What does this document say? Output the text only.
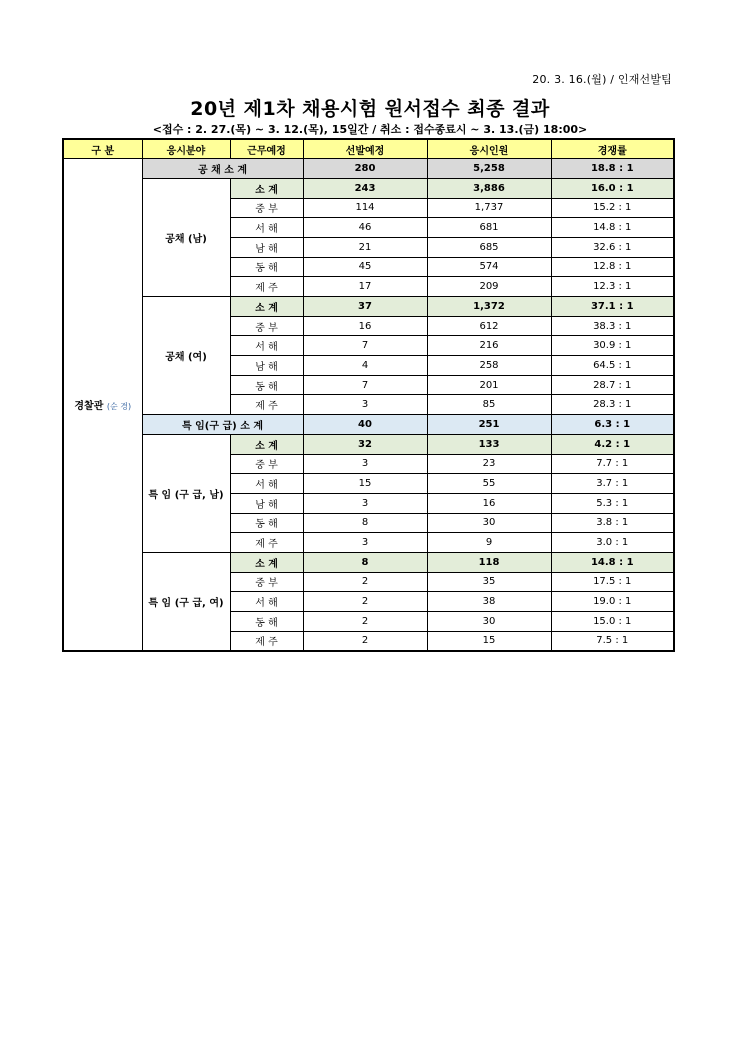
20. 3. 16.(월) / 인재선발팀
20년 제1차 채용시험 원서접수 최종 결과
<접수 : 2. 27.(목) ~ 3. 12.(목), 15일간 / 취소 : 접수종료시 ~ 3. 13.(금) 18:00>
구 분	응시분야	근무예정	선발예정	응시인원	경쟁률
경찰관 (순 경)	공 채 소 계		280	5,258	18.8 : 1
	공채 (남)	소 계	243	3,886	16.0 : 1
		중 부	114	1,737	15.2 : 1
		서 해	46	681	14.8 : 1
		남 해	21	685	32.6 : 1
		동 해	45	574	12.8 : 1
		제 주	17	209	12.3 : 1
	공채 (여)	소 계	37	1,372	37.1 : 1
		중 부	16	612	38.3 : 1
		서 해	7	216	30.9 : 1
		남 해	4	258	64.5 : 1
		동 해	7	201	28.7 : 1
		제 주	3	85	28.3 : 1
	특 임(구 급) 소 계		40	251	6.3 : 1
	특 임 (구 급, 남)	소 계	32	133	4.2 : 1
		중 부	3	23	7.7 : 1
		서 해	15	55	3.7 : 1
		남 해	3	16	5.3 : 1
		동 해	8	30	3.8 : 1
		제 주	3	9	3.0 : 1
	특 임 (구 급, 여)	소 계	8	118	14.8 : 1
		중 부	2	35	17.5 : 1
		서 해	2	38	19.0 : 1
		동 해	2	30	15.0 : 1
		제 주	2	15	7.5 : 1
